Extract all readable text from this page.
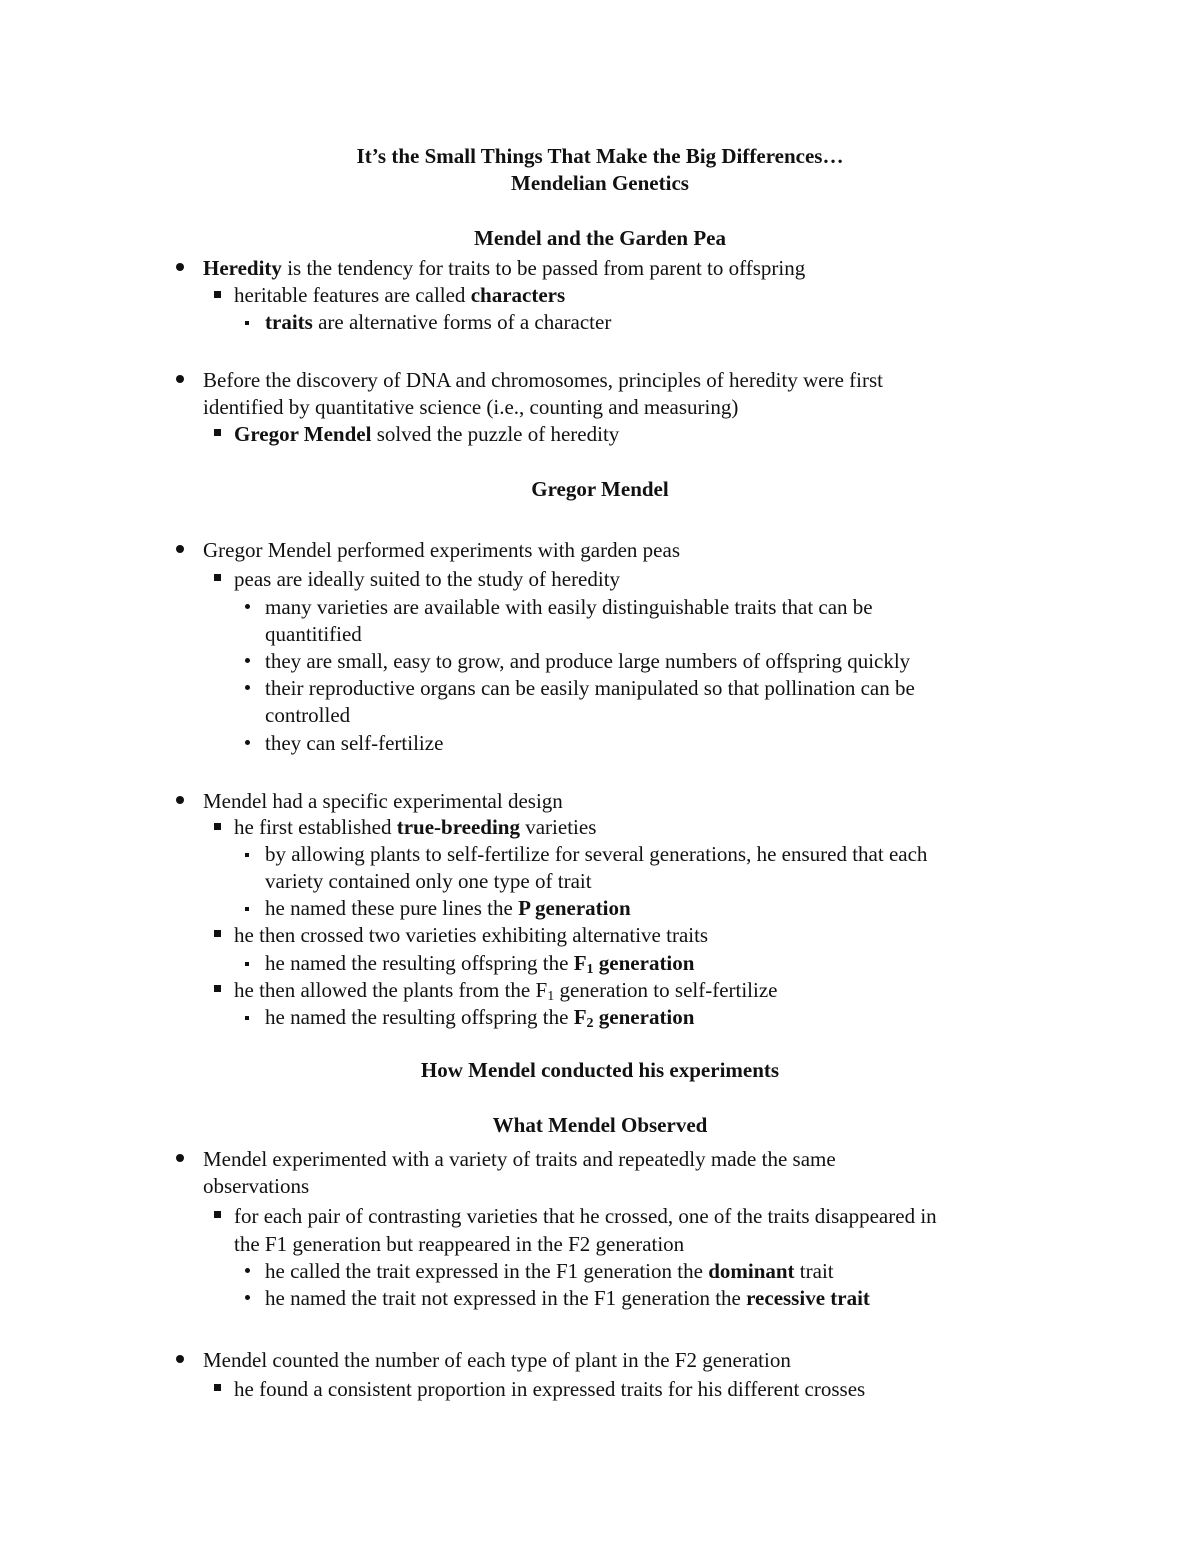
It’s the Small Things That Make the Big Differences…
Mendelian Genetics
Mendel and the Garden Pea
Heredity is the tendency for traits to be passed from parent to offspring
heritable features are called characters
traits are alternative forms of a character
Before the discovery of DNA and chromosomes, principles of heredity were first
identified by quantitative science (i.e., counting and measuring)
Gregor Mendel solved the puzzle of heredity
Gregor Mendel
Gregor Mendel performed experiments with garden peas
peas are ideally suited to the study of heredity
many varieties are available with easily distinguishable traits that can be
quantitified
they are small, easy to grow, and produce large numbers of offspring quickly
their reproductive organs can be easily manipulated so that pollination can be
controlled
they can self-fertilize
Mendel had a specific experimental design
he first established true-breeding varieties
by allowing plants to self-fertilize for several generations, he ensured that each
variety contained only one type of trait
he named these pure lines the P generation
he then crossed two varieties exhibiting alternative traits
he named the resulting offspring the $F_1$ generation
he then allowed the plants from the $F_1$ generation to self-fertilize
he named the resulting offspring the $F_2$ generation
How Mendel conducted his experiments
What Mendel Observed
Mendel experimented with a variety of traits and repeatedly made the same
observations
for each pair of contrasting varieties that he crossed, one of the traits disappeared in
the F1 generation but reappeared in the F2 generation
he called the trait expressed in the F1 generation the dominant trait
he named the trait not expressed in the F1 generation the recessive trait
Mendel counted the number of each type of plant in the F2 generation
he found a consistent proportion in expressed traits for his different crosses
